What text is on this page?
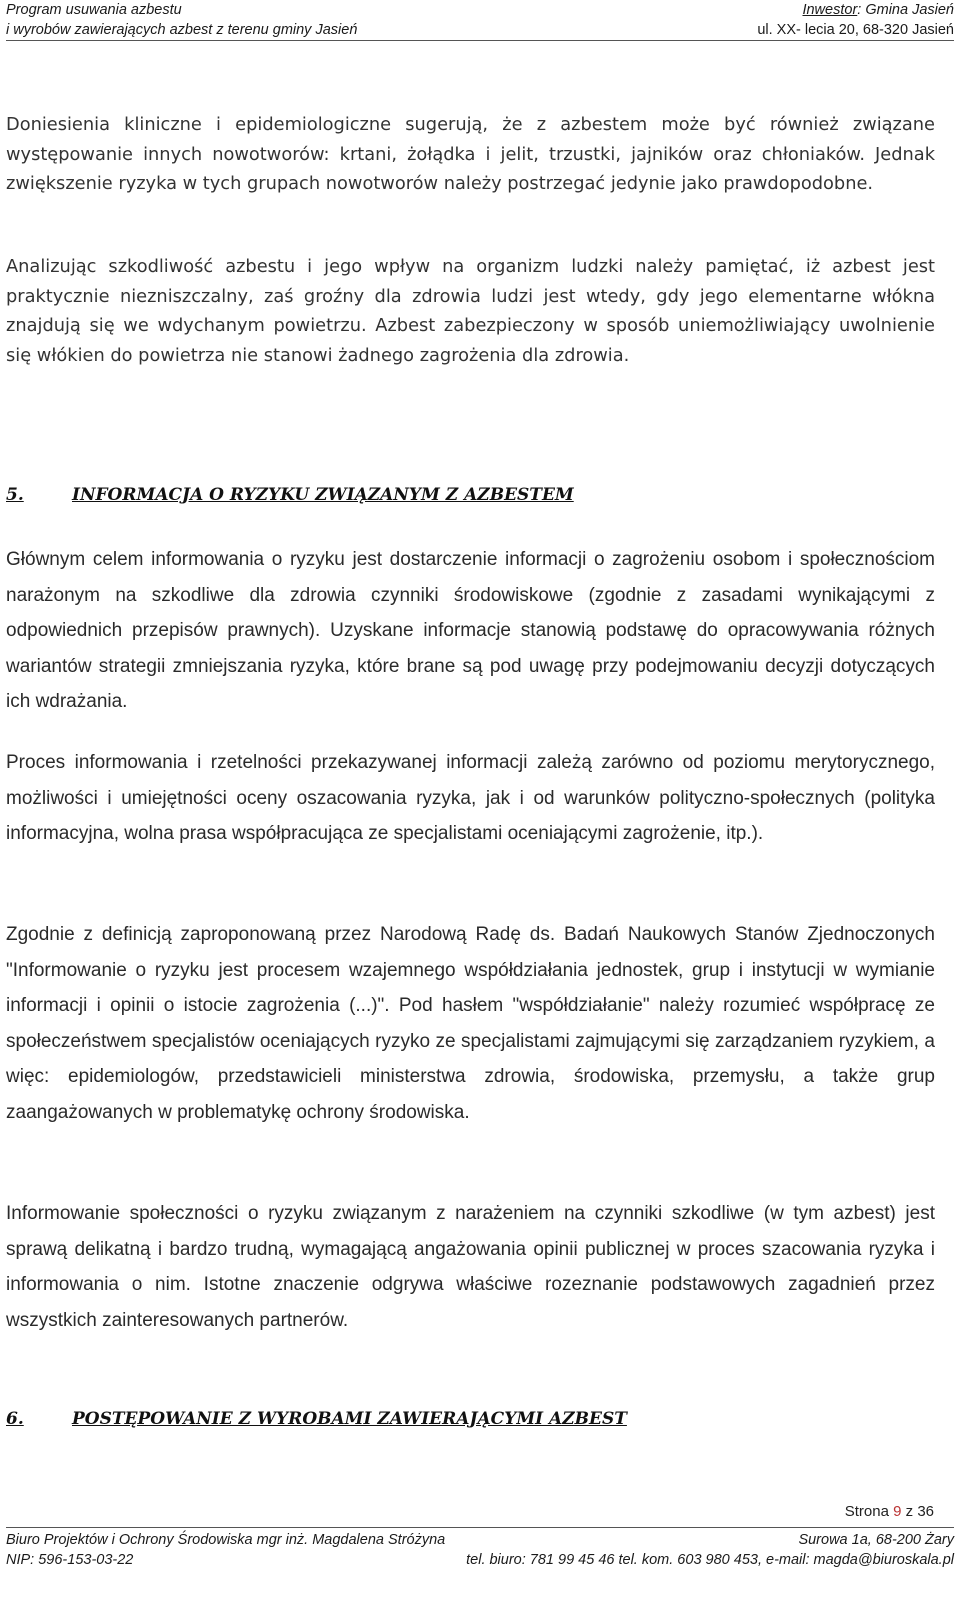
Program usuwania azbestu
i wyrobów zawierających azbest z terenu gminy Jasień
Inwestor: Gmina Jasień
ul. XX- lecia 20, 68-320 Jasień

Doniesienia kliniczne i epidemiologiczne sugerują, że z azbestem może być również związane występowanie innych nowotworów: krtani, żołądka i jelit, trzustki, jajników oraz chłoniaków. Jednak zwiększenie ryzyka w tych grupach nowotworów należy postrzegać jedynie jako prawdopodobne.

Analizując szkodliwość azbestu i jego wpływ na organizm ludzki należy pamiętać, iż azbest jest praktycznie niezniszczalny, zaś groźny dla zdrowia ludzi jest wtedy, gdy jego elementarne włókna znajdują się we wdychanym powietrzu. Azbest zabezpieczony w sposób uniemożliwiający uwolnienie się włókien do powietrza nie stanowi żadnego zagrożenia dla zdrowia.

5.	INFORMACJA O RYZYKU ZWIĄZANYM Z AZBESTEM

Głównym celem informowania o ryzyku jest dostarczenie informacji o zagrożeniu osobom i społecznościom narażonym na szkodliwe dla zdrowia czynniki środowiskowe (zgodnie z zasadami wynikającymi z odpowiednich przepisów prawnych). Uzyskane informacje stanowią podstawę do opracowywania różnych wariantów strategii zmniejszania ryzyka, które brane są pod uwagę przy podejmowaniu decyzji dotyczących ich wdrażania.

Proces informowania i rzetelności przekazywanej informacji zależą zarówno od poziomu merytorycznego, możliwości i umiejętności oceny oszacowania ryzyka, jak i od warunków polityczno-społecznych (polityka informacyjna, wolna prasa współpracująca ze specjalistami oceniającymi zagrożenie, itp.).

Zgodnie z definicją zaproponowaną przez Narodową Radę ds. Badań Naukowych Stanów Zjednoczonych "Informowanie o ryzyku jest procesem wzajemnego współdziałania jednostek, grup i instytucji w wymianie informacji i opinii o istocie zagrożenia (...)". Pod hasłem "współdziałanie" należy rozumieć współpracę ze społeczeństwem specjalistów oceniających ryzyko ze specjalistami zajmującymi się zarządzaniem ryzykiem, a więc: epidemiologów, przedstawicieli ministerstwa zdrowia, środowiska, przemysłu, a także grup zaangażowanych w problematykę ochrony środowiska.

Informowanie społeczności o ryzyku związanym z narażeniem na czynniki szkodliwe (w tym azbest) jest sprawą delikatną i bardzo trudną, wymagającą angażowania opinii publicznej w proces szacowania ryzyka i informowania o nim. Istotne znaczenie odgrywa właściwe rozeznanie podstawowych zagadnień przez wszystkich zainteresowanych partnerów.

6.	POSTĘPOWANIE Z WYROBAMI ZAWIERAJĄCYMI AZBEST
Strona 9 z 36
Biuro Projektów i Ochrony Środowiska mgr inż. Magdalena Stróżyna
NIP: 596-153-03-22
Surowa 1a, 68-200 Żary
tel. biuro: 781 99 45 46 tel. kom. 603 980 453, e-mail: magda@biuroskala.pl
